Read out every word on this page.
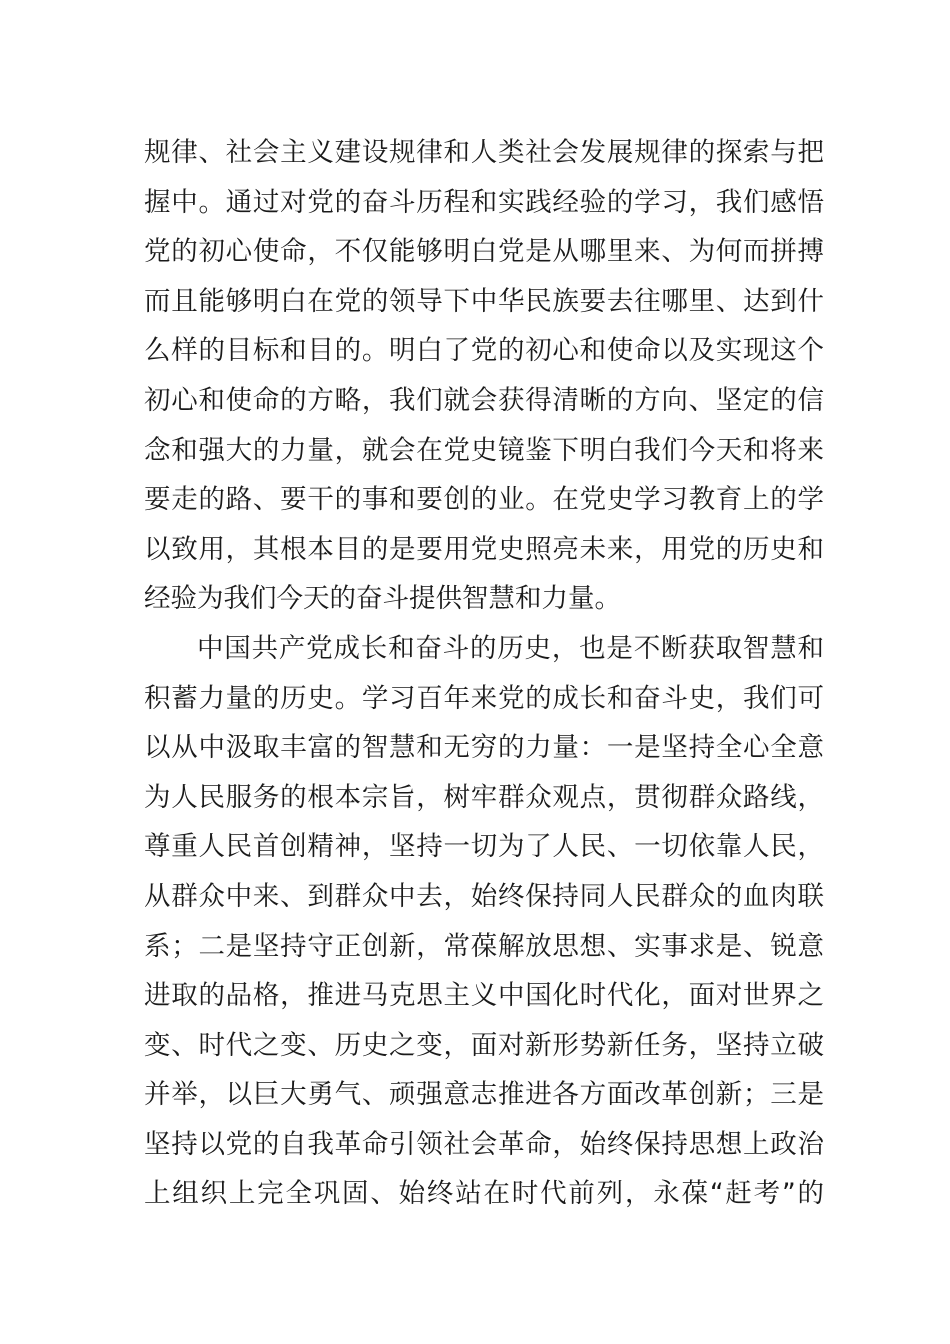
规律、社会主义建设规律和人类社会发展规律的探索与把
握中。通过对党的奋斗历程和实践经验的学习，我们感悟
党的初心使命，不仅能够明白党是从哪里来、为何而拼搏
而且能够明白在党的领导下中华民族要去往哪里、达到什
么样的目标和目的。明白了党的初心和使命以及实现这个
初心和使命的方略，我们就会获得清晰的方向、坚定的信
念和强大的力量，就会在党史镜鉴下明白我们今天和将来
要走的路、要干的事和要创的业。在党史学习教育上的学
以致用，其根本目的是要用党史照亮未来，用党的历史和
经验为我们今天的奋斗提供智慧和力量。
中国共产党成长和奋斗的历史，也是不断获取智慧和
积蓄力量的历史。学习百年来党的成长和奋斗史，我们可
以从中汲取丰富的智慧和无穷的力量：一是坚持全心全意
为人民服务的根本宗旨，树牢群众观点，贯彻群众路线，
尊重人民首创精神，坚持一切为了人民、一切依靠人民，
从群众中来、到群众中去，始终保持同人民群众的血肉联
系；二是坚持守正创新，常葆解放思想、实事求是、锐意
进取的品格，推进马克思主义中国化时代化，面对世界之
变、时代之变、历史之变，面对新形势新任务，坚持立破
并举，以巨大勇气、顽强意志推进各方面改革创新；三是
坚持以党的自我革命引领社会革命，始终保持思想上政治
上组织上完全巩固、始终站在时代前列，永葆“赶考”的
